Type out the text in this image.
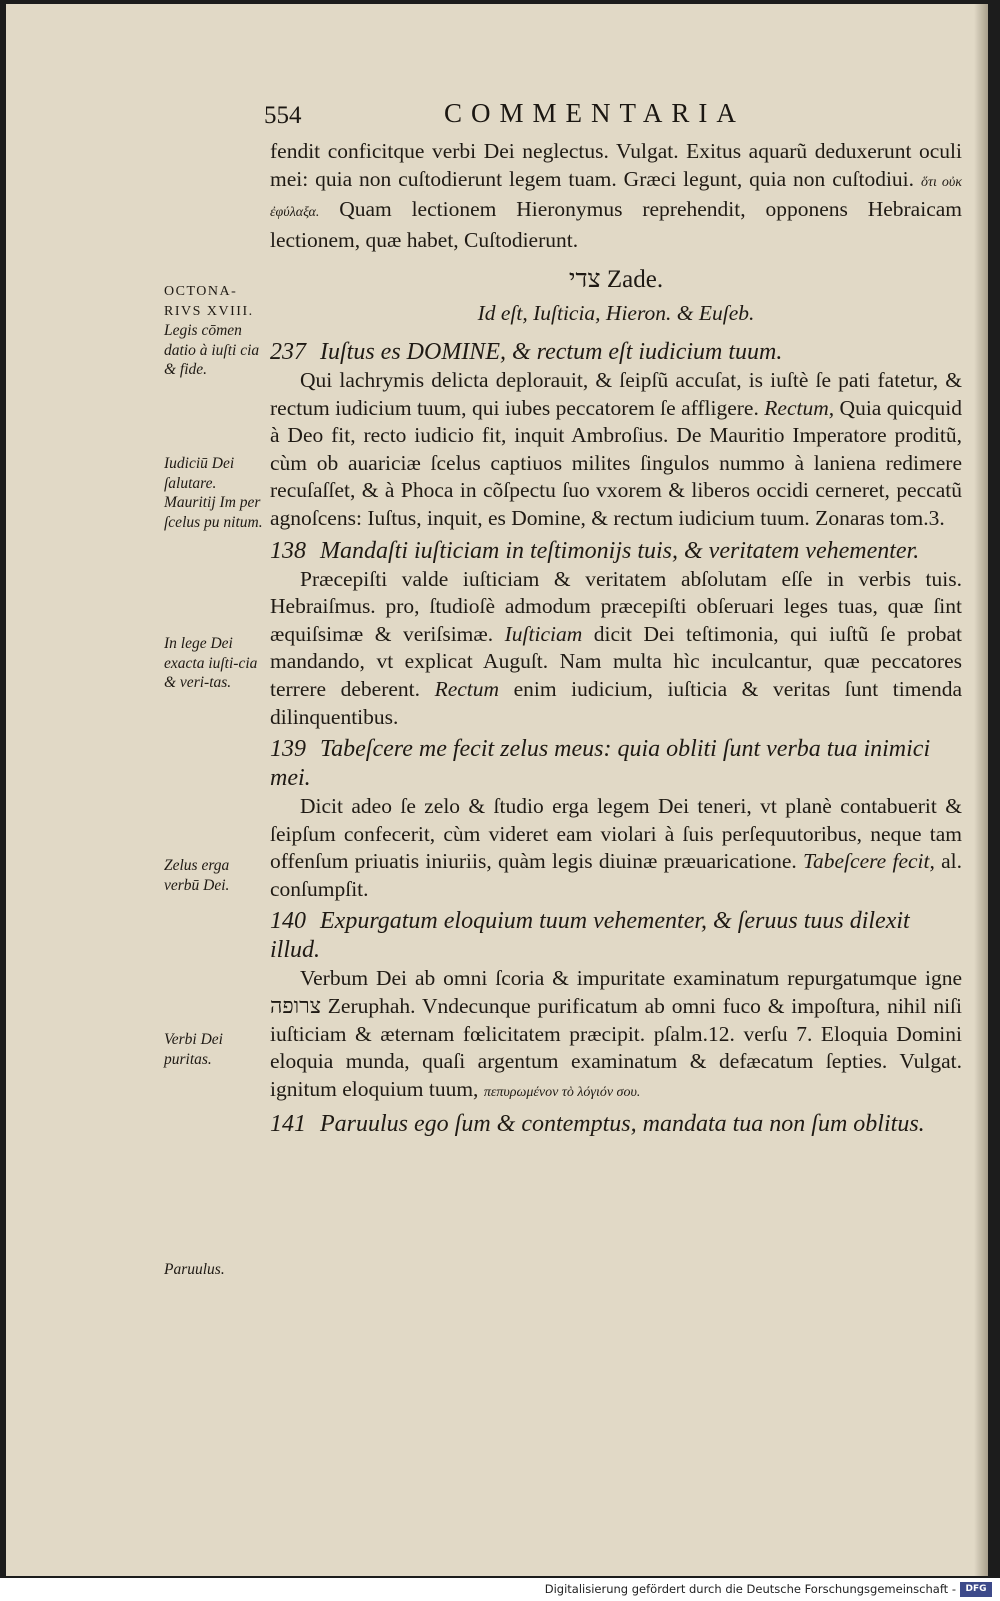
554	COMMENTARIA
OCTONA-RIVS XVIII.
Legis cōmen datio à iuſti cia & fide.
Iudiciū Dei ſalutare. Mauritij Im per ſcelus pu nitum.
In lege Dei exacta iuſti-cia & veri-tas.
Zelus erga verbū Dei.
Verbi Dei puritas.
Paruulus.

fendit conficitque verbi Dei neglectus. Vulgat. Exitus aquarũ deduxerunt oculi mei: quia non cuſtodierunt legem tuam. Græci legunt, quia non cuſtodiui. ὅτι οὐκ ἐφύλαξα. Quam lectionem Hieronymus reprehendit, opponens Hebraicam lectionem, quæ habet, Cuſtodierunt.

צדי Zade.
Id eſt, Iuſticia, Hieron. & Euſeb.
237 Iuſtus es DOMINE, & rectum eſt iudicium tuum.

Qui lachrymis delicta deplorauit, & ſeipſũ accuſat, is iuſtè ſe pati fatetur, & rectum iudicium tuum, qui iubes peccatorem ſe affligere. Rectum, Quia quicquid à Deo fit, recto iudicio fit, inquit Ambroſius. De Mauritio Imperatore proditũ, cùm ob auariciæ ſcelus captiuos milites ſingulos nummo à laniena redimere recuſaſſet, & à Phoca in cõſpectu ſuo vxorem & liberos occidi cerneret, peccatũ agnoſcens: Iuſtus, inquit, es Domine, & rectum iudicium tuum. Zonaras tom.3.

138 Mandaſti iuſticiam in teſtimonijs tuis, & veritatem vehementer.

Præcepiſti valde iuſticiam & veritatem abſolutam eſſe in verbis tuis. Hebraiſmus. pro, ſtudioſè admodum præcepiſti obſeruari leges tuas, quæ ſint æquiſsimæ & veriſsimæ. Iuſticiam dicit Dei teſtimonia, qui iuſtũ ſe probat mandando, vt explicat Auguſt. Nam multa hìc inculcantur, quæ peccatores terrere deberent. Rectum enim iudicium, iuſticia & veritas ſunt timenda dilinquentibus.

139 Tabeſcere me fecit zelus meus: quia obliti ſunt verba tua inimici mei.

Dicit adeo ſe zelo & ſtudio erga legem Dei teneri, vt planè contabuerit & ſeipſum confecerit, cùm videret eam violari à ſuis perſequutoribus, neque tam offenſum priuatis iniuriis, quàm legis diuinæ præuaricatione. Tabeſcere fecit, al. conſumpſit.

140 Expurgatum eloquium tuum vehementer, & ſeruus tuus dilexit illud.

Verbum Dei ab omni ſcoria & impuritate examinatum repurgatumque igne צרופה Zeruphah. Vndecunque purificatum ab omni fuco & impoſtura, nihil niſi iuſticiam & æternam fœlicitatem præcipit. pſalm.12. verſu 7. Eloquia Domini eloquia munda, quaſi argentum examinatum & defæcatum ſepties. Vulgat. ignitum eloquium tuum, πεπυρωμένον τὸ λόγιόν σου.

141 Paruulus ego ſum & contemptus, mandata tua non ſum oblitus.
Digitalisierung gefördert durch die Deutsche Forschungsgemeinschaft -	DFG
